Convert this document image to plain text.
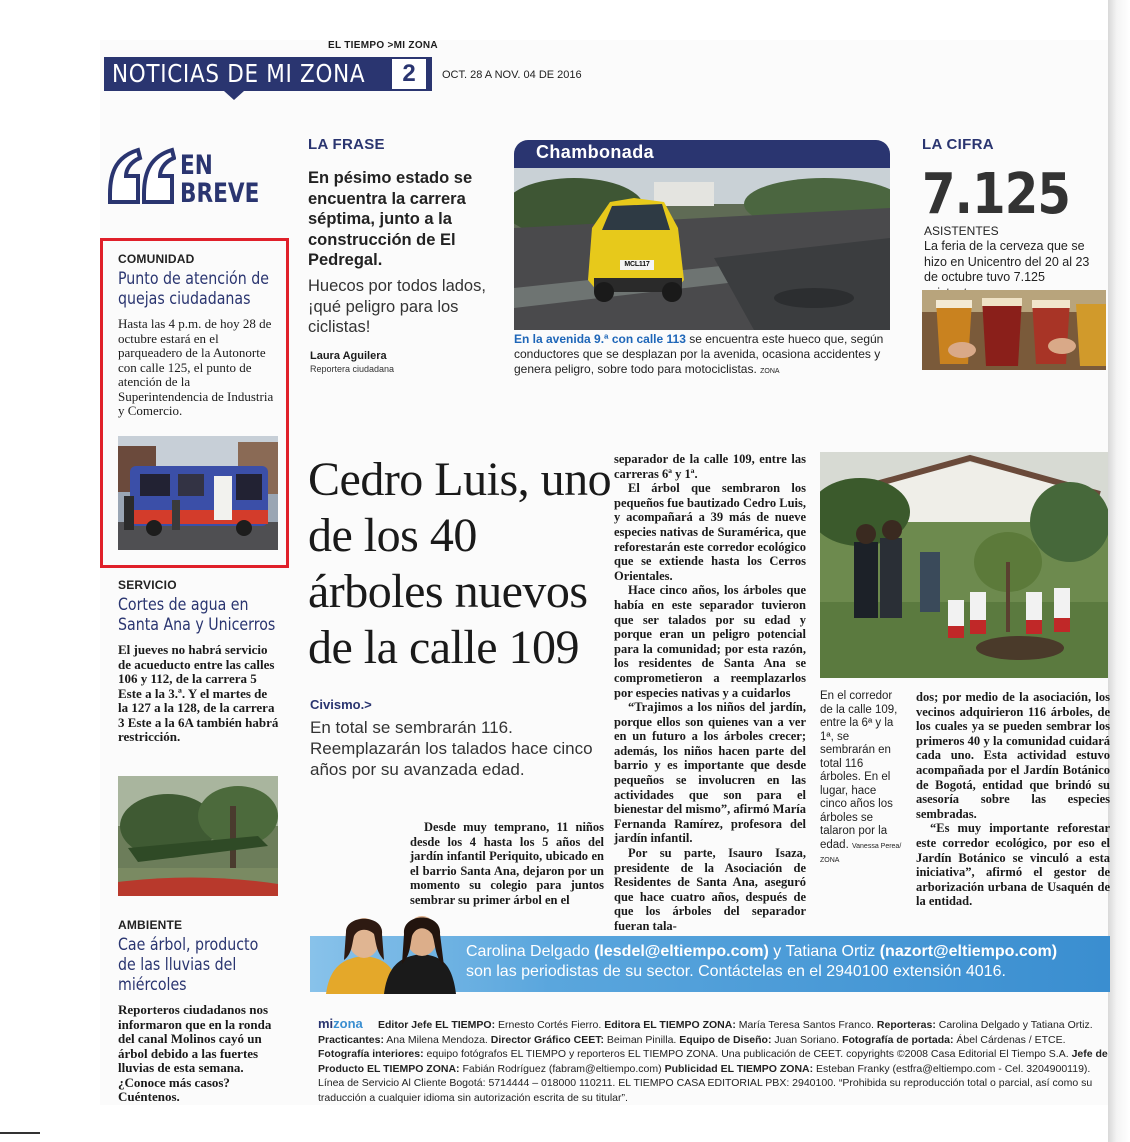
EL TIEMPO >MI ZONA
NOTICIAS DE MI ZONA	2	OCT. 28 A NOV. 04 DE 2016
EN
BREVE
COMUNIDAD
Punto de atención de quejas ciudadanas
Hasta las 4 p.m. de hoy 28 de octubre estará en el parqueadero de la Autonorte con calle 125, el punto de atención de la Superintendencia de Industria y Comercio.
SERVICIO
Cortes de agua en Santa Ana y Unicerros
El jueves no habrá servicio de acueducto entre las calles 106 y 112, de la carrera 5 Este a la 3.ª. Y el martes de la 127 a la 128, de la carrera 3 Este a la 6A también habrá restricción.
AMBIENTE
Cae árbol, producto de las lluvias del miércoles
Reporteros ciudadanos nos informaron que en la ronda del canal Molinos cayó un árbol debido a las fuertes lluvias de esta semana. ¿Conoce más casos? Cuéntenos.
LA FRASE
En pésimo estado se encuentra la carrera séptima, junto a la construcción de El Pedregal.
Huecos por todos lados, ¡qué peligro para los ciclistas!
Laura Aguilera
Reportera ciudadana
Chambonada
MCL117
En la avenida 9.ª con calle 113 se encuentra este hueco que, según conductores que se desplazan por la avenida, ocasiona accidentes y genera peligro, sobre todo para motociclistas. ZONA
LA CIFRA
7.125
ASISTENTES
La feria de la cerveza que se hizo en Unicentro del 20 al 23 de octubre tuvo 7.125
Cedro Luis, uno de los 40 árboles nuevos de la calle 109
Civismo.>
En total se sembrarán 116. Reemplazarán los talados hace cinco años por su avanzada edad.

Desde muy temprano, 11 niños desde los 4 hasta los 5 años del jardín infantil Periquito, ubicado en el barrio Santa Ana, dejaron por un momento su colegio para juntos sembrar su primer árbol en el

separador de la calle 109, entre las carreras 6ª y 1ª.

El árbol que sembraron los pequeños fue bautizado Cedro Luis, y acompañará a 39 más de nueve especies nativas de Suramérica, que reforestarán este corredor ecológico que se extiende hasta los Cerros Orientales.

Hace cinco años, los árboles que había en este separador tuvieron que ser talados por su edad y porque eran un peligro potencial para la comunidad; por esta razón, los residentes de Santa Ana se comprometieron a reemplazarlos por especies nativas y a cuidarlos

“Trajimos a los niños del jardín, porque ellos son quienes van a ver en un futuro a los árboles crecer; además, los niños hacen parte del barrio y es importante que desde pequeños se involucren en las actividades que son para el bienestar del mismo”, afirmó María Fernanda Ramírez, profesora del jardín infantil.

Por su parte, Isauro Isaza, presidente de la Asociación de Residentes de Santa Ana, aseguró que hace cuatro años, después de que los árboles del separador fueran tala-

En el corredor de la calle 109, entre la 6ª y la 1ª, se sembrarán en total 116 árboles. En el lugar, hace cinco años los árboles se talaron por la edad. Vanessa Perea/ ZONA

dos; por medio de la asociación, los vecinos adquirieron 116 árboles, de los cuales ya se pueden sembrar los primeros 40 y la comunidad cuidará cada uno. Esta actividad estuvo acompañada por el Jardín Botánico de Bogotá, entidad que brindó su asesoría sobre las especies sembradas.

“Es muy importante reforestar este corredor ecológico, por eso el Jardín Botánico se vinculó a esta iniciativa”, afirmó el gestor de arborización urbana de Usaquén de la entidad.

Carolina Delgado (lesdel@eltiempo.com) y Tatiana Ortiz (nazort@eltiempo.com)
son las periodistas de su sector. Contáctelas en el 2940100 extensión 4016.
mizona	Editor Jefe EL TIEMPO: Ernesto Cortés Fierro. Editora EL TIEMPO ZONA: María Teresa Santos Franco. Reporteras: Carolina Delgado y Tatiana Ortiz. Practicantes: Ana Milena Mendoza. Director Gráfico CEET: Beiman Pinilla. Equipo de Diseño: Juan Soriano. Fotografía de portada: Ábel Cárdenas / ETCE. Fotografía interiores: equipo fotógrafos EL TIEMPO y reporteros EL TIEMPO ZONA. Una publicación de CEET. copyrights ©2008 Casa Editorial El Tiempo S.A. Jefe de Producto EL TIEMPO ZONA: Fabián Rodríguez (fabram@eltiempo.com) Publicidad EL TIEMPO ZONA: Esteban Franky (estfra@eltiempo.com - Cel. 3204900119). Línea de Servicio Al Cliente Bogotá: 5714444 – 018000 110211. EL TIEMPO CASA EDITORIAL PBX: 2940100. “Prohibida su reproducción total o parcial, así como su traducción a cualquier idioma sin autorización escrita de su titular”.
